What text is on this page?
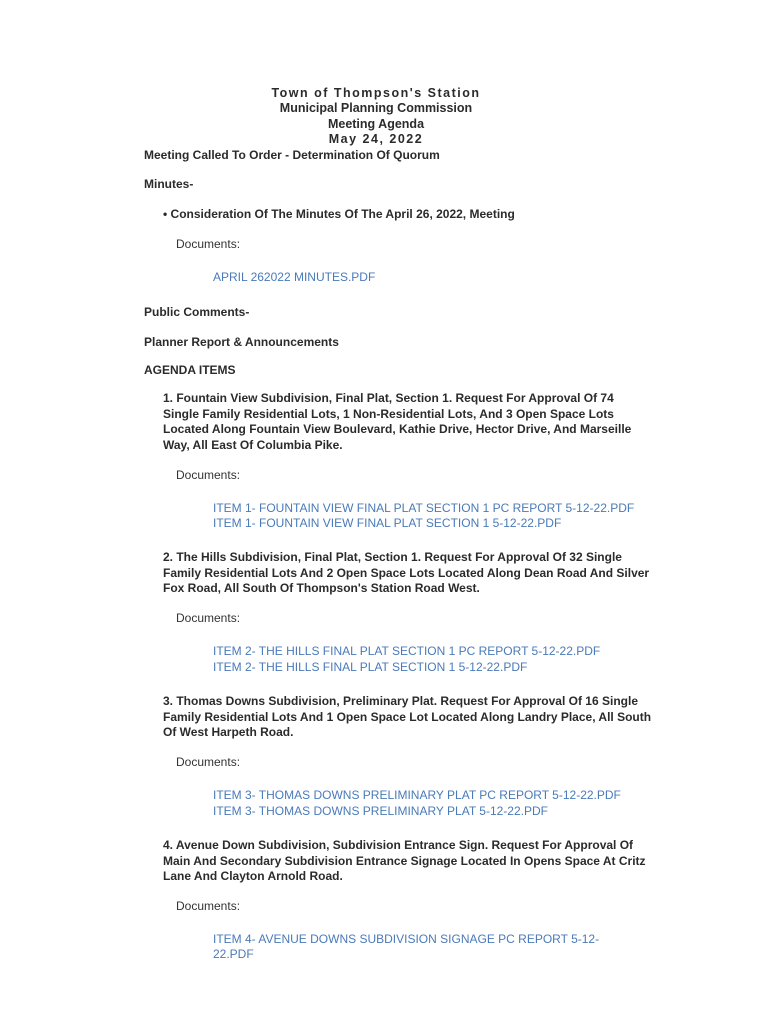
Town of Thompson's Station
Municipal Planning Commission
Meeting Agenda
May 24, 2022
Meeting Called To Order - Determination Of Quorum
Minutes-
• Consideration Of The Minutes Of The April 26, 2022, Meeting
Documents:
APRIL 262022 MINUTES.PDF
Public Comments-
Planner Report & Announcements
AGENDA ITEMS
1. Fountain View Subdivision, Final Plat, Section 1. Request For Approval Of 74 Single Family Residential Lots, 1 Non-Residential Lots, And 3 Open Space Lots Located Along Fountain View Boulevard, Kathie Drive, Hector Drive, And Marseille Way, All East Of Columbia Pike.
Documents:
ITEM 1- FOUNTAIN VIEW FINAL PLAT SECTION 1 PC REPORT 5-12-22.PDF
ITEM 1- FOUNTAIN VIEW FINAL PLAT SECTION 1 5-12-22.PDF
2. The Hills Subdivision, Final Plat, Section 1. Request For Approval Of 32 Single Family Residential Lots And 2 Open Space Lots Located Along Dean Road And Silver Fox Road, All South Of Thompson's Station Road West.
Documents:
ITEM 2- THE HILLS FINAL PLAT SECTION 1 PC REPORT 5-12-22.PDF
ITEM 2- THE HILLS FINAL PLAT SECTION 1 5-12-22.PDF
3. Thomas Downs Subdivision, Preliminary Plat. Request For Approval Of 16 Single Family Residential Lots And 1 Open Space Lot Located Along Landry Place, All South Of West Harpeth Road.
Documents:
ITEM 3- THOMAS DOWNS PRELIMINARY PLAT PC REPORT 5-12-22.PDF
ITEM 3- THOMAS DOWNS PRELIMINARY PLAT 5-12-22.PDF
4. Avenue Down Subdivision, Subdivision Entrance Sign. Request For Approval Of Main And Secondary Subdivision Entrance Signage Located In Opens Space At Critz Lane And Clayton Arnold Road.
Documents:
ITEM 4- AVENUE DOWNS SUBDIVISION SIGNAGE PC REPORT 5-12-
22.PDF
